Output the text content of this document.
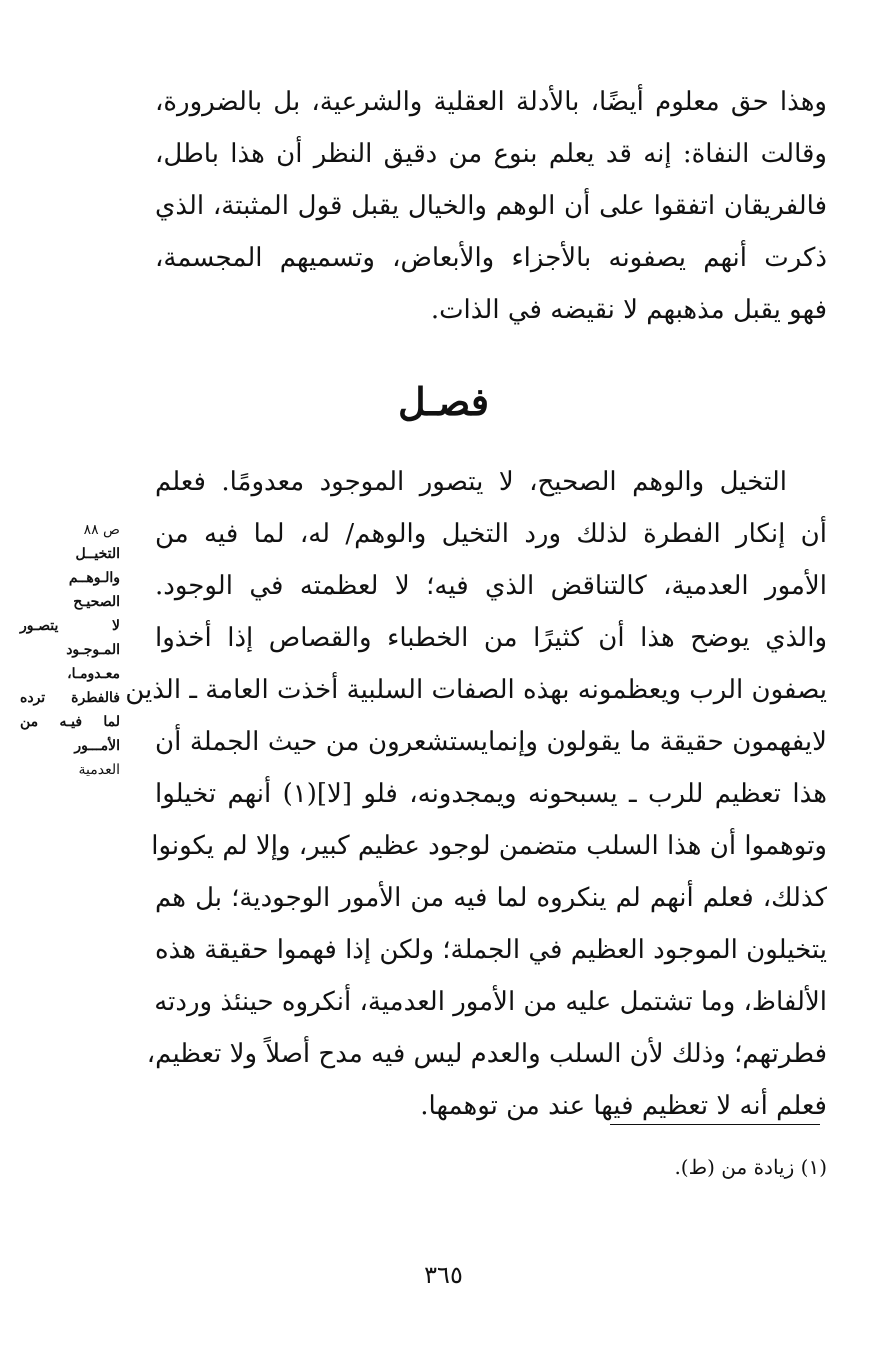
وهذا حق معلوم أيضًا، بالأدلة العقلية والشرعية، بل بالضرورة،
وقالت النفاة: إنه قد يعلم بنوع من دقيق النظر أن هذا باطل،
فالفريقان اتفقوا على أن الوهم والخيال يقبل قول المثبتة، الذي
ذكرت أنهم يصفونه بالأجزاء والأبعاض، وتسميهم المجسمة،
فهو يقبل مذهبهم لا نقيضه في الذات.
فصـل
التخيل والوهم الصحيح، لا يتصور الموجود معدومًا. فعلم
أن إنكار الفطرة لذلك ورد التخيل والوهم/ له، لما فيه من
الأمور العدمية، كالتناقض الذي فيه؛ لا لعظمته في الوجود.
والذي يوضح هذا أن كثيرًا من الخطباء والقصاص إذا أخذوا
يصفون الرب ويعظمونه بهذه الصفات السلبية أخذت العامة ـ الذين
لايفهمون حقيقة ما يقولون وإنمايستشعرون من حيث الجملة أن
هذا تعظيم للرب ـ يسبحونه ويمجدونه، فلو [لا](١) أنهم تخيلوا
وتوهموا أن هذا السلب متضمن لوجود عظيم كبير، وإلا لم يكونوا
كذلك، فعلم أنهم لم ينكروه لما فيه من الأمور الوجودية؛ بل هم
يتخيلون الموجود العظيم في الجملة؛ ولكن إذا فهموا حقيقة هذه
الألفاظ، وما تشتمل عليه من الأمور العدمية، أنكروه حينئذ وردته
فطرتهم؛ وذلك لأن السلب والعدم ليس فيه مدح أصلاً ولا تعظيم،
فعلم أنه لا تعظيم فيها عند من توهمها.
ص ٨٨
التخيــل
والـوهــم
الصحيـح
لا يتصـور
المـوجـود
معـدومـا،
فالفطرة ترده
لما فيـه من
الأمـــور
العدمية
(١) زيادة من (ط).
٣٦٥
